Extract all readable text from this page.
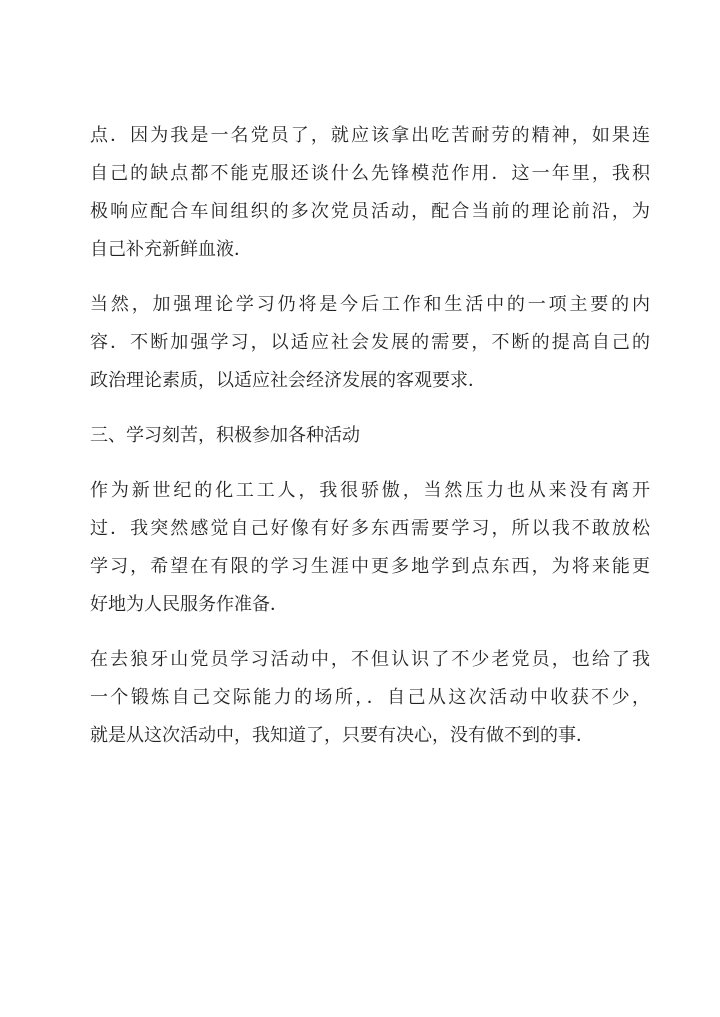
点．因为我是一名党员了，就应该拿出吃苦耐劳的精神，如果连
自己的缺点都不能克服还谈什么先锋模范作用．这一年里，我积
极响应配合车间组织的多次党员活动，配合当前的理论前沿，为
自己补充新鲜血液．
当然，加强理论学习仍将是今后工作和生活中的一项主要的内
容．不断加强学习，以适应社会发展的需要，不断的提高自己的
政治理论素质，以适应社会经济发展的客观要求．
三、学习刻苦，积极参加各种活动
作为新世纪的化工工人，我很骄傲，当然压力也从来没有离开
过．我突然感觉自己好像有好多东西需要学习，所以我不敢放松
学习，希望在有限的学习生涯中更多地学到点东西，为将来能更
好地为人民服务作准备．
在去狼牙山党员学习活动中，不但认识了不少老党员，也给了我
一个锻炼自己交际能力的场所，．自己从这次活动中收获不少，
就是从这次活动中，我知道了，只要有决心，没有做不到的事．
